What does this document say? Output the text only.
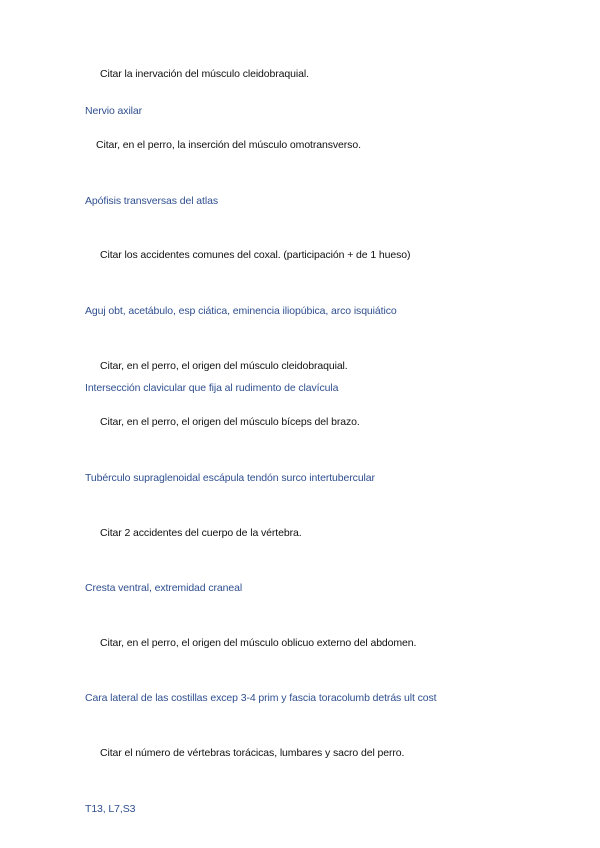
Citar la inervación del músculo cleidobraquial.
Nervio axilar
Citar, en el perro, la inserción del músculo omotransverso.
Apófisis transversas del atlas
Citar los accidentes comunes del coxal. (participación + de 1 hueso)
Aguj obt, acetábulo, esp ciática, eminencia iliopúbica, arco isquiático
Citar, en el perro, el origen del músculo cleidobraquial.
Intersección clavicular que fija al rudimento de clavícula
Citar, en el perro, el origen del músculo bíceps del brazo.
Tubérculo supraglenoidal escápula tendón surco intertubercular
Citar 2 accidentes del cuerpo de la vértebra.
Cresta ventral, extremidad craneal
Citar, en el perro, el origen del músculo oblicuo externo del abdomen.
Cara lateral de las costillas excep 3-4 prim y fascia toracolumb detrás ult cost
Citar el número de vértebras torácicas, lumbares y sacro del perro.
T13, L7,S3
